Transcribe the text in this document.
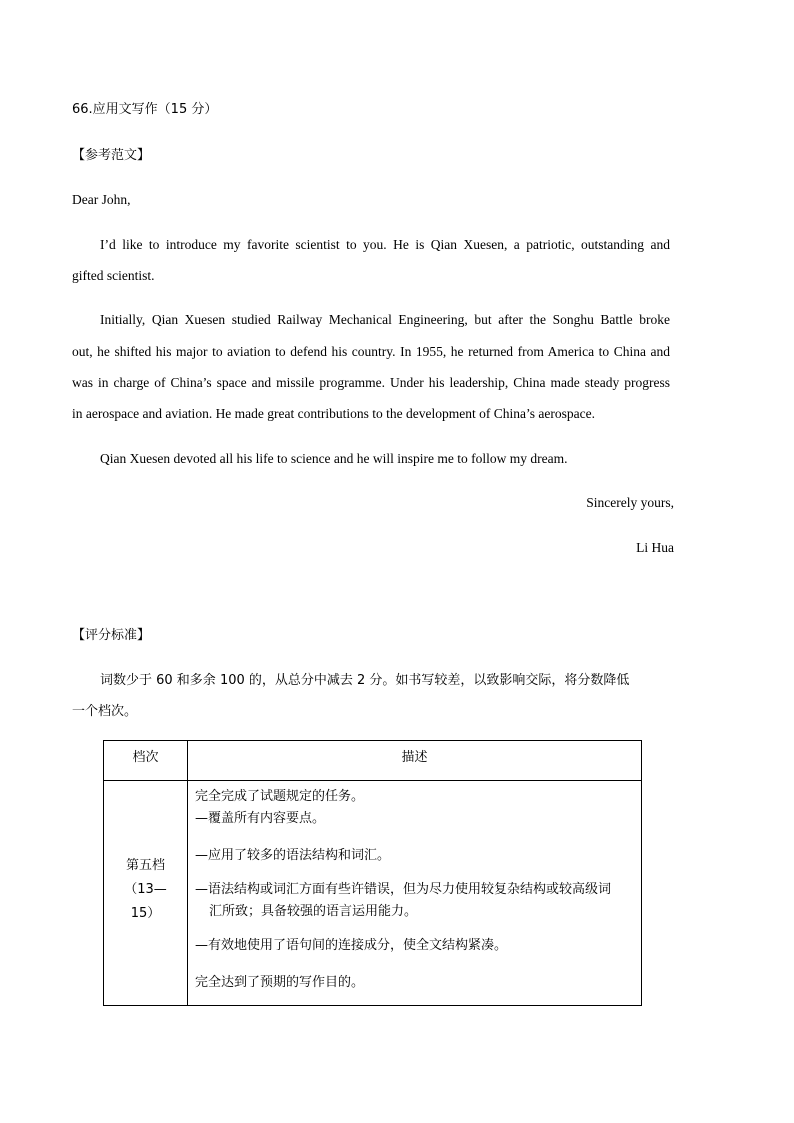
66.应用文写作（15 分）
【参考范文】
Dear John,
I’d like to introduce my favorite scientist to you. He is Qian Xuesen, a patriotic, outstanding and
gifted scientist.
Initially, Qian Xuesen studied Railway Mechanical Engineering, but after the Songhu Battle broke
out, he shifted his major to aviation to defend his country. In 1955, he returned from America to China and
was in charge of China’s space and missile programme. Under his leadership, China made steady progress
in aerospace and aviation. He made great contributions to the development of China’s aerospace.
Qian Xuesen devoted all his life to science and he will inspire me to follow my dream.
Sincerely yours,
Li Hua
【评分标准】
词数少于 60 和多余 100 的，从总分中减去 2 分。如书写较差，以致影响交际，将分数降低
一个档次。
档次	描述
第五档
（13—
15）
完全完成了试题规定的任务。
—覆盖所有内容要点。
—应用了较多的语法结构和词汇。
—语法结构或词汇方面有些许错误，但为尽力使用较复杂结构或较高级词
汇所致；具备较强的语言运用能力。
—有效地使用了语句间的连接成分，使全文结构紧凑。
完全达到了预期的写作目的。
